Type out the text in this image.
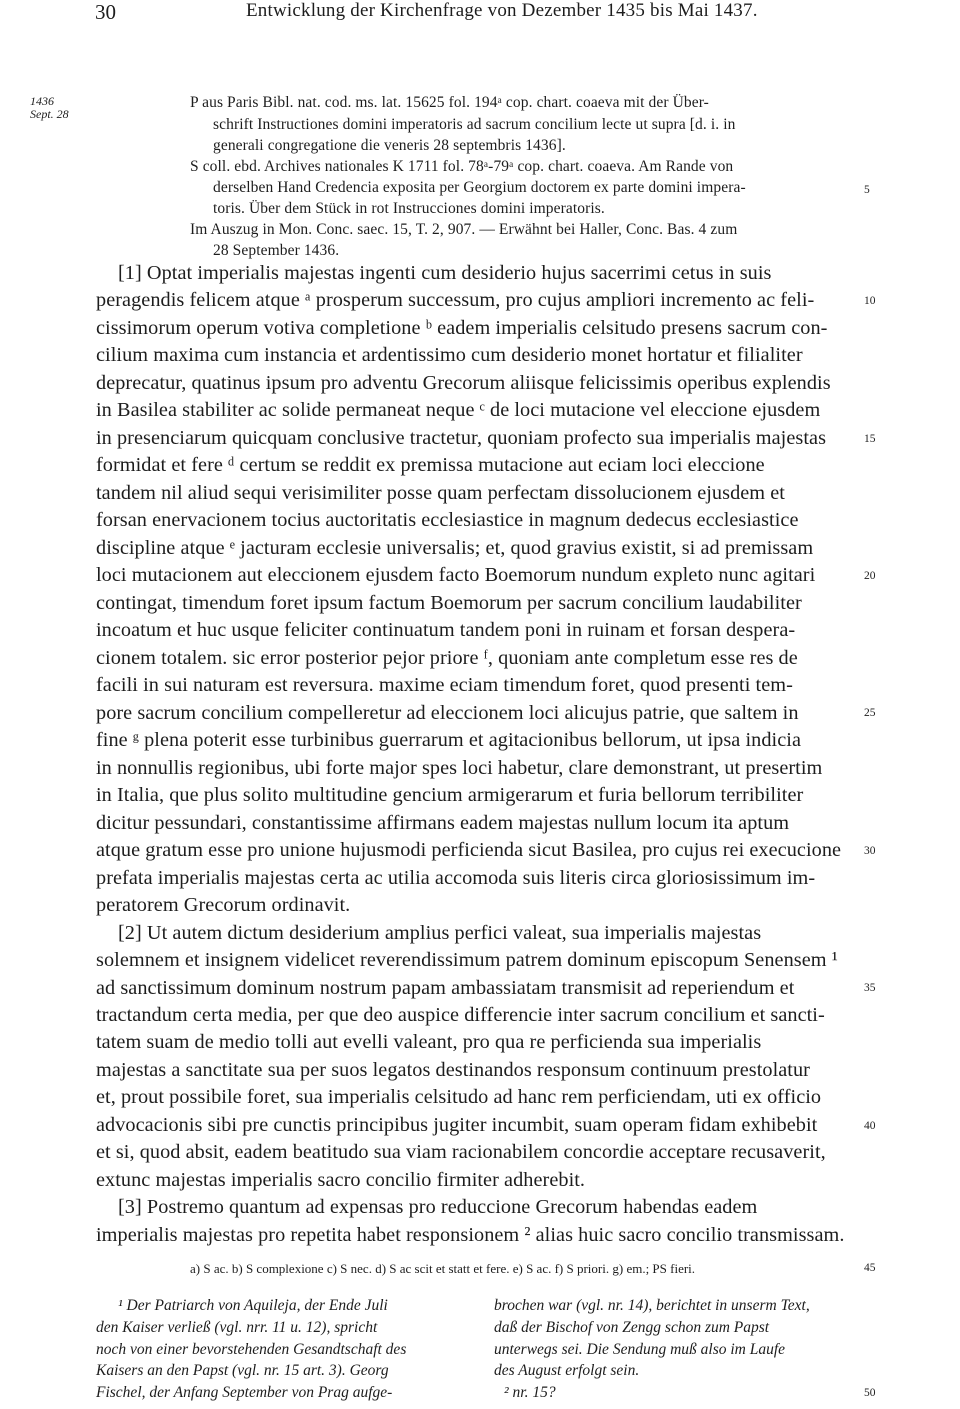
30	Entwicklung der Kirchenfrage von Dezember 1435 bis Mai 1437.
1436
Sept. 28
P aus Paris Bibl. nat. cod. ms. lat. 15625 fol. 194ᵃ cop. chart. coaeva mit der Über-
schrift Instructiones domini imperatoris ad sacrum concilium lecte ut supra [d. i. in
generali congregatione die veneris 28 septembris 1436].
S coll. ebd. Archives nationales K 1711 fol. 78ᵃ-79ᵃ cop. chart. coaeva. Am Rande von
derselben Hand Credencia exposita per Georgium doctorem ex parte domini impera-
toris. Über dem Stück in rot Instrucciones domini imperatoris.
Im Auszug in Mon. Conc. saec. 15, T. 2, 907. — Erwähnt bei Haller, Conc. Bas. 4 zum
28 September 1436.
5
[1] Optat imperialis majestas ingenti cum desiderio hujus sacerrimi cetus in suis
peragendis felicem atque ᵃ prosperum successum, pro cujus ampliori incremento ac feli-
cissimorum operum votiva completione ᵇ eadem imperialis celsitudo presens sacrum con-
cilium maxima cum instancia et ardentissimo cum desiderio monet hortatur et filialiter
deprecatur, quatinus ipsum pro adventu Grecorum aliisque felicissimis operibus explendis
in Basilea stabiliter ac solide permaneat neque ᶜ de loci mutacione vel eleccione ejusdem
in presenciarum quicquam conclusive tractetur, quoniam profecto sua imperialis majestas
formidat et fere ᵈ certum se reddit ex premissa mutacione aut eciam loci eleccione
tandem nil aliud sequi verisimiliter posse quam perfectam dissolucionem ejusdem et
forsan enervacionem tocius auctoritatis ecclesiastice in magnum dedecus ecclesiastice
discipline atque ᵉ jacturam ecclesie universalis; et, quod gravius existit, si ad premissam
loci mutacionem aut eleccionem ejusdem facto Boemorum nundum expleto nunc agitari
contingat, timendum foret ipsum factum Boemorum per sacrum concilium laudabiliter
incoatum et huc usque feliciter continuatum tandem poni in ruinam et forsan despera-
cionem totalem. sic error posterior pejor priore ᶠ, quoniam ante completum esse res de
facili in sui naturam est reversura. maxime eciam timendum foret, quod presenti tem-
pore sacrum concilium compelleretur ad eleccionem loci alicujus patrie, que saltem in
fine ᵍ plena poterit esse turbinibus guerrarum et agitacionibus bellorum, ut ipsa indicia
in nonnullis regionibus, ubi forte major spes loci habetur, clare demonstrant, ut presertim
in Italia, que plus solito multitudine gencium armigerarum et furia bellorum terribiliter
dicitur pessundari, constantissime affirmans eadem majestas nullum locum ita aptum
atque gratum esse pro unione hujusmodi perficienda sicut Basilea, pro cujus rei execucione
prefata imperialis majestas certa ac utilia accomoda suis literis circa gloriosissimum im-
peratorem Grecorum ordinavit.
[2] Ut autem dictum desiderium amplius perfici valeat, sua imperialis majestas
solemnem et insignem videlicet reverendissimum patrem dominum episcopum Senensem ¹
ad sanctissimum dominum nostrum papam ambassiatam transmisit ad reperiendum et
tractandum certa media, per que deo auspice differencie inter sacrum concilium et sancti-
tatem suam de medio tolli aut evelli valeant, pro qua re perficienda sua imperialis
majestas a sanctitate sua per suos legatos destinandos responsum continuum prestolatur
et, prout possibile foret, sua imperialis celsitudo ad hanc rem perficiendam, uti ex officio
advocacionis sibi pre cunctis principibus jugiter incumbit, suam operam fidam exhibebit
et si, quod absit, eadem beatitudo sua viam racionabilem concordie acceptare recusaverit,
extunc majestas imperialis sacro concilio firmiter adherebit.
[3] Postremo quantum ad expensas pro reduccione Grecorum habendas eadem
imperialis majestas pro repetita habet responsionem ² alias huic sacro concilio transmissam.
10
15
20
25
30
35
40
a) S ac. b) S complexione c) S nec. d) S ac scit et statt et fere. e) S ac. f) S priori. g) em.; PS fieri.	45
¹ Der Patriarch von Aquileja, der Ende Juli
den Kaiser verließ (vgl. nrr. 11 u. 12), spricht
noch von einer bevorstehenden Gesandtschaft des
brochen war (vgl. nr. 14), berichtet in unserm Text,
daß der Bischof von Zengg schon zum Papst
unterwegs sei. Die Sendung muß also im Laufe
Kaisers an den Papst (vgl. nr. 15 art. 3). Georg
Fischel, der Anfang September von Prag aufge-
des August erfolgt sein.
² nr. 15?	50
